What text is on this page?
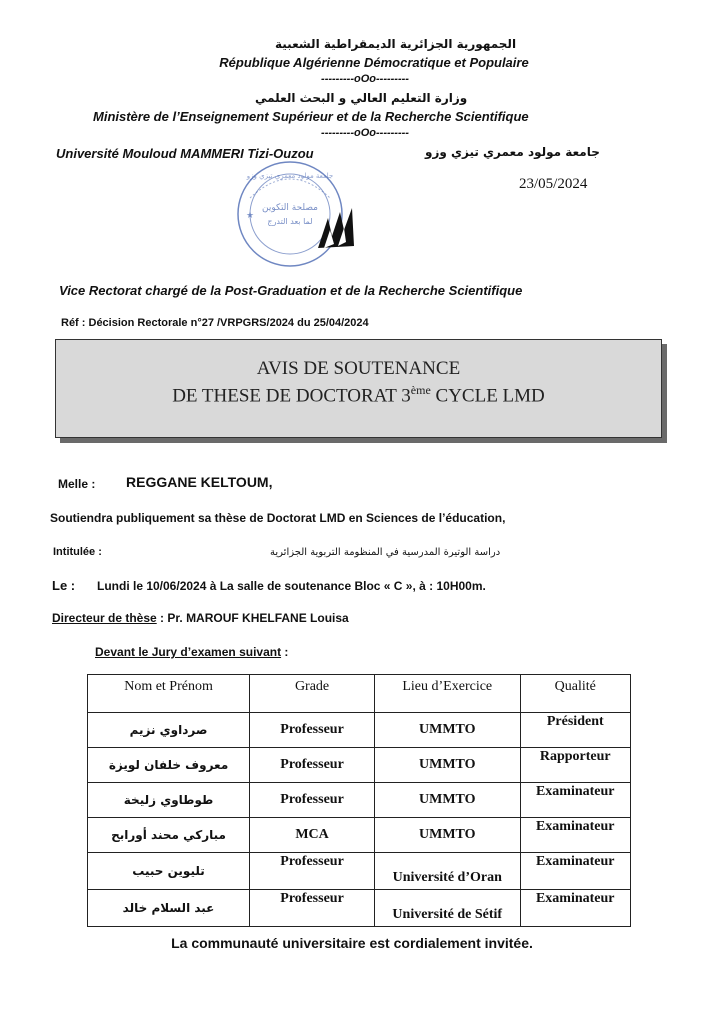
الجمهورية الجزائرية الديمقراطية الشعبية
République Algérienne Démocratique et Populaire
---------oOo---------
وزارة التعليم العالي و البحث العلمي
Ministère de l’Enseignement Supérieur et de la Recherche Scientifique
---------oOo---------
Université Mouloud MAMMERI Tizi-Ouzou	جامعة مولود معمري تيزي وزو
23/05/2024
مصلحة التكوين
لما بعد التدرج
جامعة مولود معمري تيزي وزو
★
Vice Rectorat chargé de la Post-Graduation et de la Recherche Scientifique
Réf : Décision Rectorale n°27 /VRPGRS/2024 du 25/04/2024
AVIS DE SOUTENANCE
DE THESE DE DOCTORAT 3ème CYCLE LMD
Melle : REGGANE KELTOUM,
Soutiendra publiquement sa thèse de Doctorat LMD en Sciences de l’éducation,
Intitulée :	دراسة الوتيرة المدرسية في المنظومة التربوية الجزائرية
Le : Lundi le 10/06/2024 à La salle de soutenance Bloc « C », à : 10H00m.
Directeur de thèse : Pr. MAROUF KHELFANE Louisa
Devant le Jury d’examen suivant :
Nom et Prénom	Grade	Lieu d’Exercice	Qualité
صرداوي نزيم	Professeur	UMMTO	Président
معروف خلفان لويزة	Professeur	UMMTO	Rapporteur
طوطاوي زليخة	Professeur	UMMTO	Examinateur
مباركي محند أورابح	MCA	UMMTO	Examinateur
تليوين حبيب	Professeur	Université d’Oran	Examinateur
عبد السلام خالد	Professeur	Université de Sétif	Examinateur
La communauté universitaire est cordialement invitée.
